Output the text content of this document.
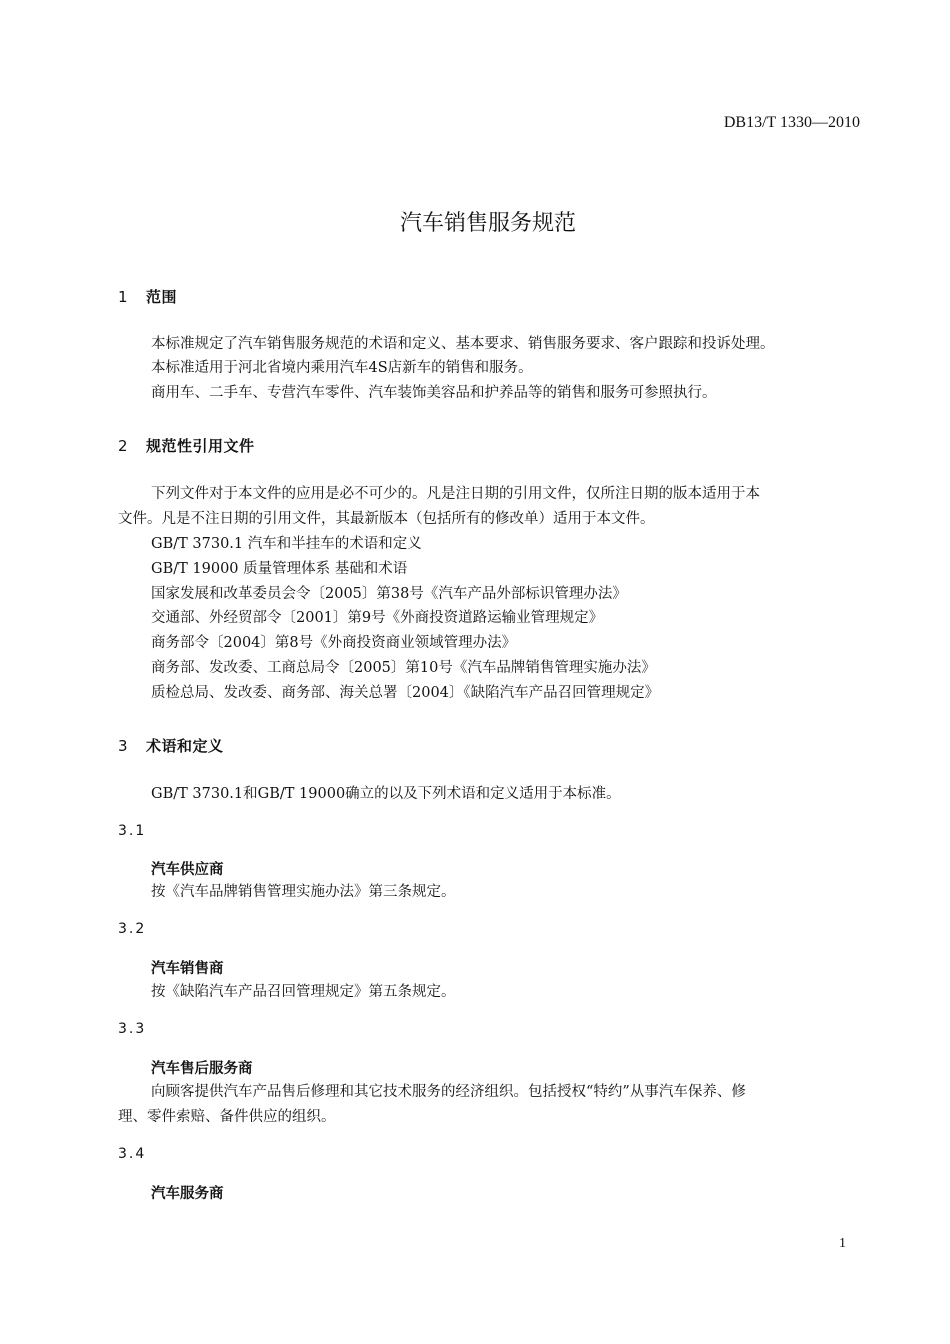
DB13/T 1330—2010
汽车销售服务规范
1 范围
本标准规定了汽车销售服务规范的术语和定义、基本要求、销售服务要求、客户跟踪和投诉处理。
本标准适用于河北省境内乘用汽车4S店新车的销售和服务。
商用车、二手车、专营汽车零件、汽车装饰美容品和护养品等的销售和服务可参照执行。
2 规范性引用文件
下列文件对于本文件的应用是必不可少的。凡是注日期的引用文件，仅所注日期的版本适用于本
文件。凡是不注日期的引用文件，其最新版本（包括所有的修改单）适用于本文件。
GB/T 3730.1 汽车和半挂车的术语和定义
GB/T 19000 质量管理体系 基础和术语
国家发展和改革委员会令〔2005〕第38号《汽车产品外部标识管理办法》
交通部、外经贸部令〔2001〕第9号《外商投资道路运输业管理规定》
商务部令〔2004〕第8号《外商投资商业领域管理办法》
商务部、发改委、工商总局令〔2005〕第10号《汽车品牌销售管理实施办法》
质检总局、发改委、商务部、海关总署〔2004〕《缺陷汽车产品召回管理规定》
3 术语和定义
GB/T 3730.1和GB/T 19000确立的以及下列术语和定义适用于本标准。
3.1
汽车供应商
按《汽车品牌销售管理实施办法》第三条规定。
3.2
汽车销售商
按《缺陷汽车产品召回管理规定》第五条规定。
3.3
汽车售后服务商
向顾客提供汽车产品售后修理和其它技术服务的经济组织。包括授权“特约”从事汽车保养、修
理、零件索赔、备件供应的组织。
3.4
汽车服务商
1
